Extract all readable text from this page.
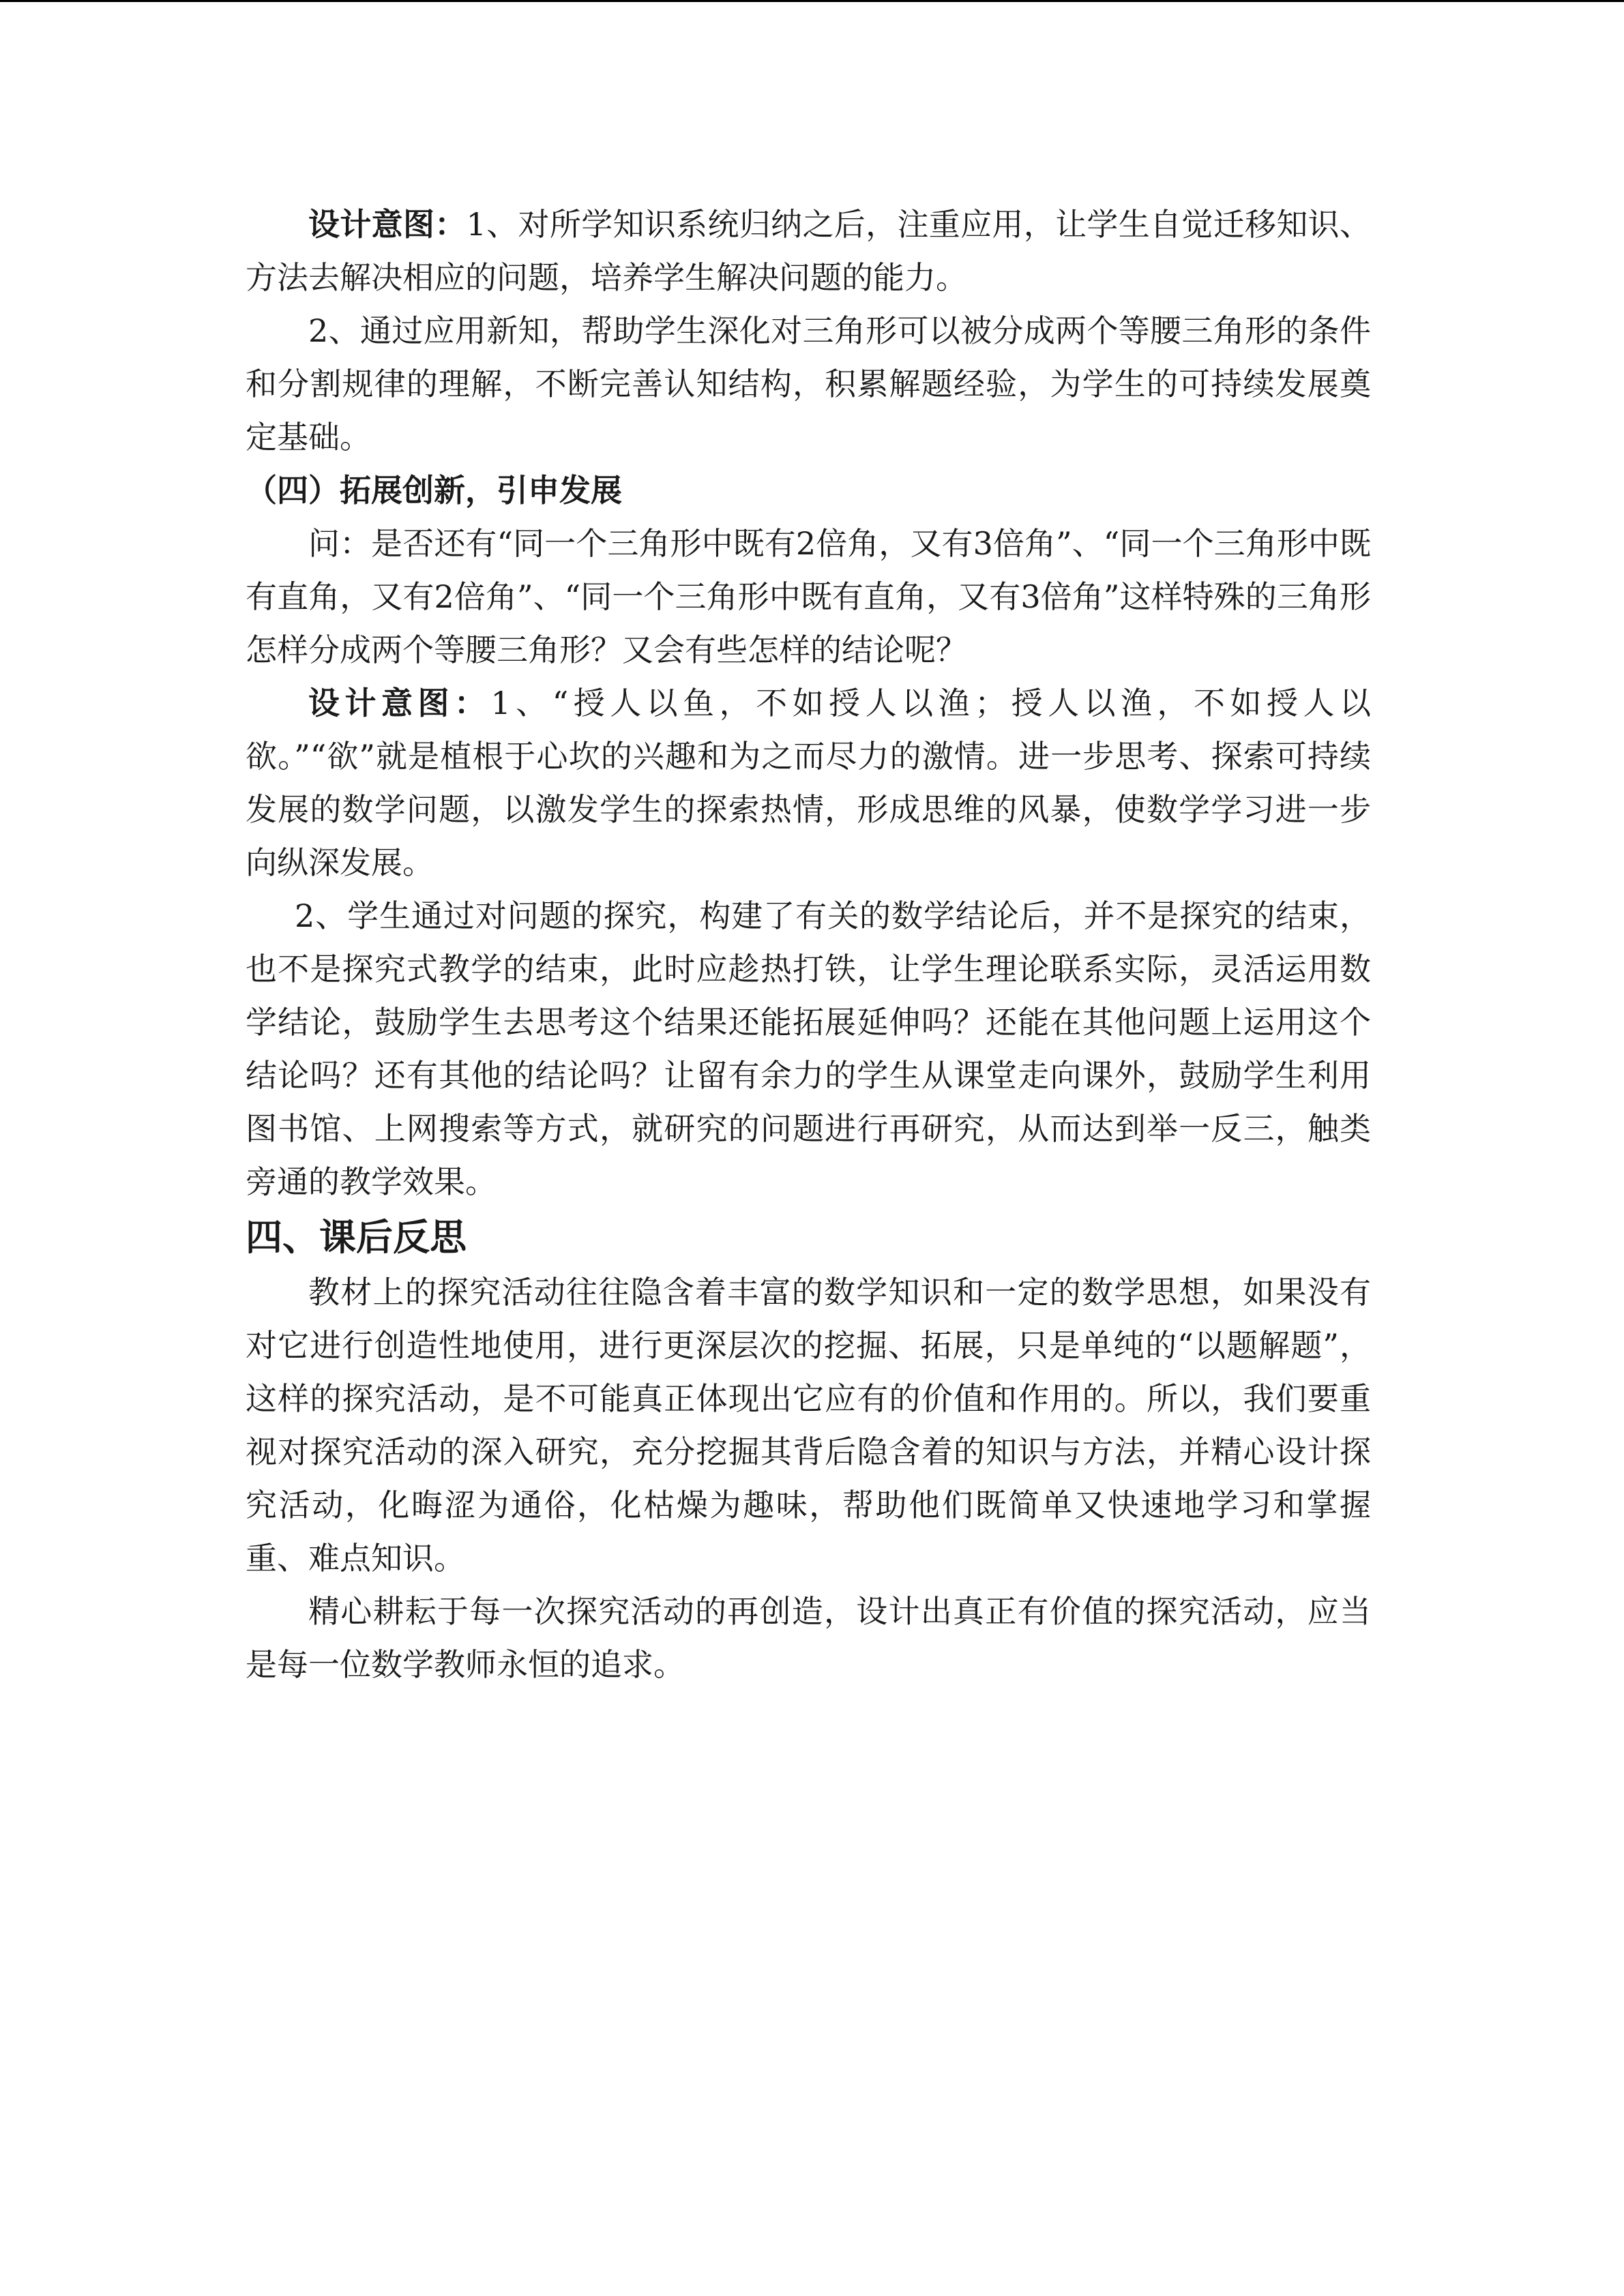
设计意图：1、对所学知识系统归纳之后，注重应用，让学生自觉迁移知识、方法去解决相应的问题，培养学生解决问题的能力。

2、通过应用新知，帮助学生深化对三角形可以被分成两个等腰三角形的条件和分割规律的理解，不断完善认知结构，积累解题经验，为学生的可持续发展奠定基础。

（四）拓展创新，引申发展

问：是否还有“同一个三角形中既有2倍角，又有3倍角”、“同一个三角形中既有直角，又有2倍角”、“同一个三角形中既有直角，又有3倍角”这样特殊的三角形怎样分成两个等腰三角形？又会有些怎样的结论呢？

设计意图：1、“授人以鱼，不如授人以渔；授人以渔，不如授人以欲。”“欲”就是植根于心坎的兴趣和为之而尽力的激情。进一步思考、探索可持续发展的数学问题，以激发学生的探索热情，形成思维的风暴，使数学学习进一步向纵深发展。

2、学生通过对问题的探究，构建了有关的数学结论后，并不是探究的结束，也不是探究式教学的结束，此时应趁热打铁，让学生理论联系实际，灵活运用数学结论，鼓励学生去思考这个结果还能拓展延伸吗？还能在其他问题上运用这个结论吗？还有其他的结论吗？让留有余力的学生从课堂走向课外，鼓励学生利用图书馆、上网搜索等方式，就研究的问题进行再研究，从而达到举一反三，触类旁通的教学效果。

四、课后反思

教材上的探究活动往往隐含着丰富的数学知识和一定的数学思想，如果没有对它进行创造性地使用，进行更深层次的挖掘、拓展，只是单纯的“以题解题”，这样的探究活动，是不可能真正体现出它应有的价值和作用的。所以，我们要重视对探究活动的深入研究，充分挖掘其背后隐含着的知识与方法，并精心设计探究活动，化晦涩为通俗，化枯燥为趣味，帮助他们既简单又快速地学习和掌握重、难点知识。

精心耕耘于每一次探究活动的再创造，设计出真正有价值的探究活动，应当是每一位数学教师永恒的追求。
